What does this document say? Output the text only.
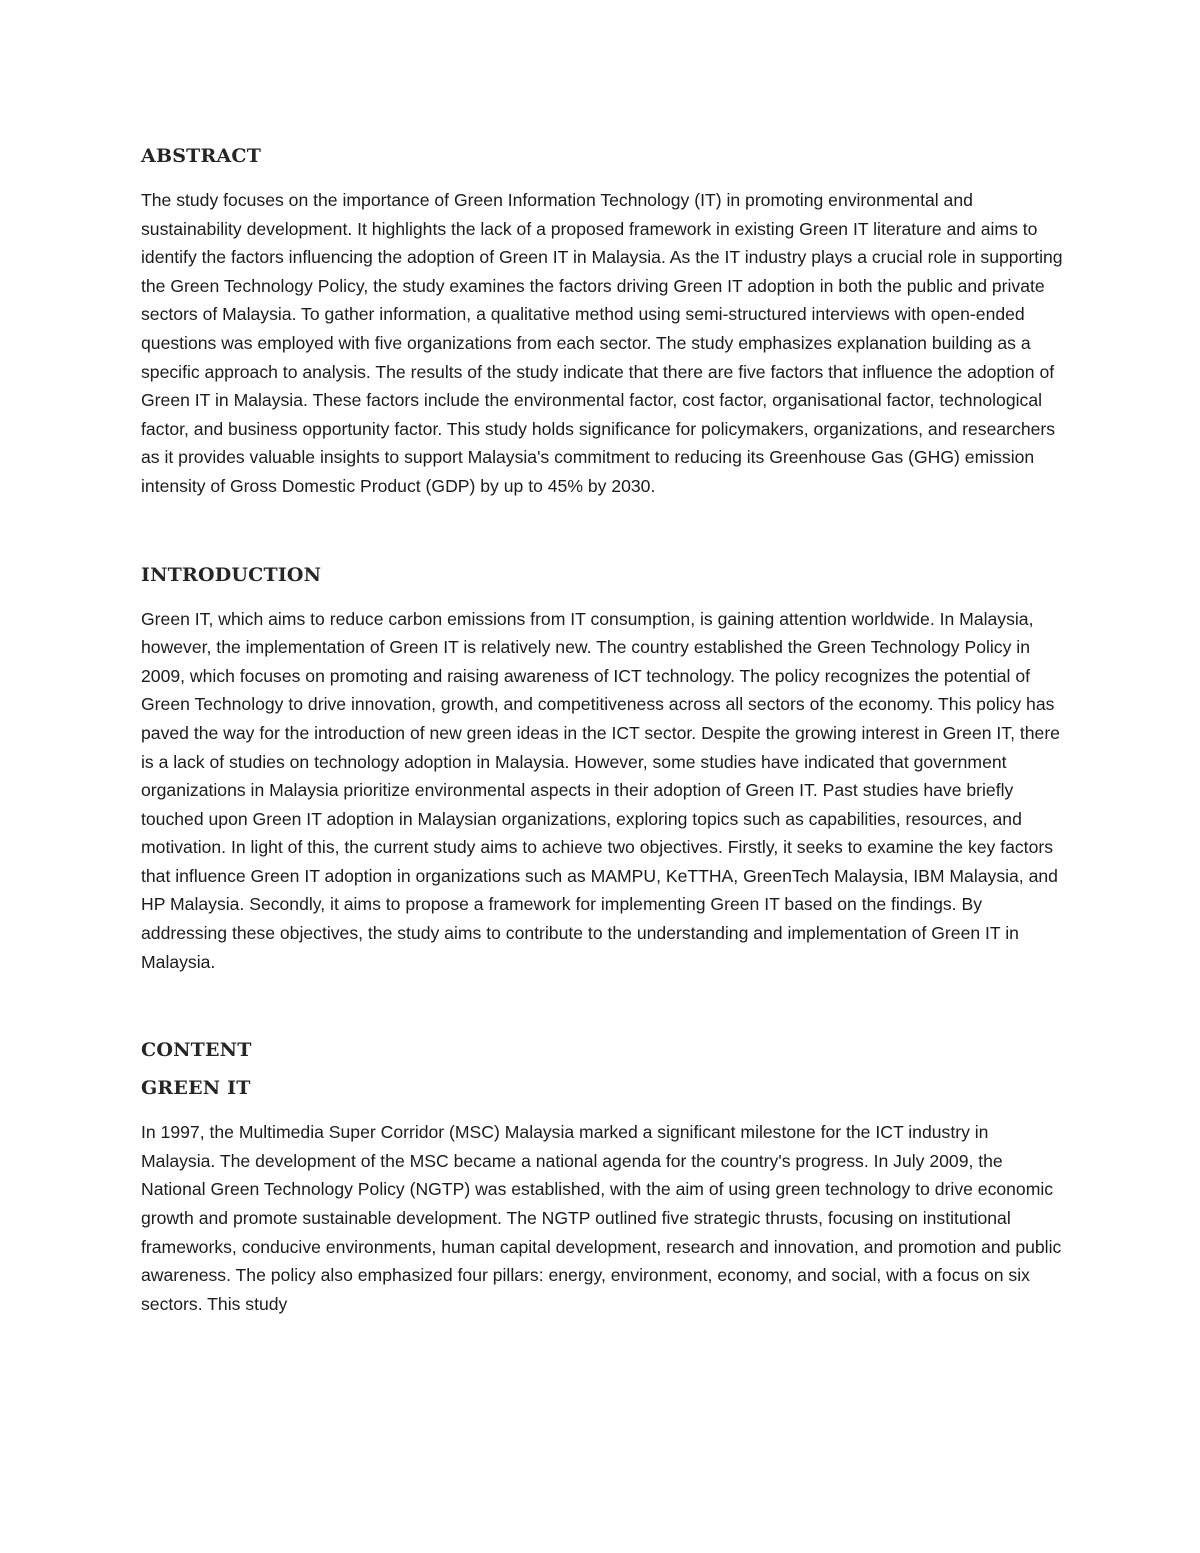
ABSTRACT

The study focuses on the importance of Green Information Technology (IT) in promoting environmental and sustainability development. It highlights the lack of a proposed framework in existing Green IT literature and aims to identify the factors influencing the adoption of Green IT in Malaysia. As the IT industry plays a crucial role in supporting the Green Technology Policy, the study examines the factors driving Green IT adoption in both the public and private sectors of Malaysia. To gather information, a qualitative method using semi-structured interviews with open-ended questions was employed with five organizations from each sector. The study emphasizes explanation building as a specific approach to analysis. The results of the study indicate that there are five factors that influence the adoption of Green IT in Malaysia. These factors include the environmental factor, cost factor, organisational factor, technological factor, and business opportunity factor. This study holds significance for policymakers, organizations, and researchers as it provides valuable insights to support Malaysia's commitment to reducing its Greenhouse Gas (GHG) emission intensity of Gross Domestic Product (GDP) by up to 45% by 2030.

INTRODUCTION

Green IT, which aims to reduce carbon emissions from IT consumption, is gaining attention worldwide. In Malaysia, however, the implementation of Green IT is relatively new. The country established the Green Technology Policy in 2009, which focuses on promoting and raising awareness of ICT technology. The policy recognizes the potential of Green Technology to drive innovation, growth, and competitiveness across all sectors of the economy. This policy has paved the way for the introduction of new green ideas in the ICT sector. Despite the growing interest in Green IT, there is a lack of studies on technology adoption in Malaysia. However, some studies have indicated that government organizations in Malaysia prioritize environmental aspects in their adoption of Green IT. Past studies have briefly touched upon Green IT adoption in Malaysian organizations, exploring topics such as capabilities, resources, and motivation. In light of this, the current study aims to achieve two objectives. Firstly, it seeks to examine the key factors that influence Green IT adoption in organizations such as MAMPU, KeTTHA, GreenTech Malaysia, IBM Malaysia, and HP Malaysia. Secondly, it aims to propose a framework for implementing Green IT based on the findings. By addressing these objectives, the study aims to contribute to the understanding and implementation of Green IT in Malaysia.

CONTENT
GREEN IT

In 1997, the Multimedia Super Corridor (MSC) Malaysia marked a significant milestone for the ICT industry in Malaysia. The development of the MSC became a national agenda for the country's progress. In July 2009, the National Green Technology Policy (NGTP) was established, with the aim of using green technology to drive economic growth and promote sustainable development. The NGTP outlined five strategic thrusts, focusing on institutional frameworks, conducive environments, human capital development, research and innovation, and promotion and public awareness. The policy also emphasized four pillars: energy, environment, economy, and social, with a focus on six sectors. This study
